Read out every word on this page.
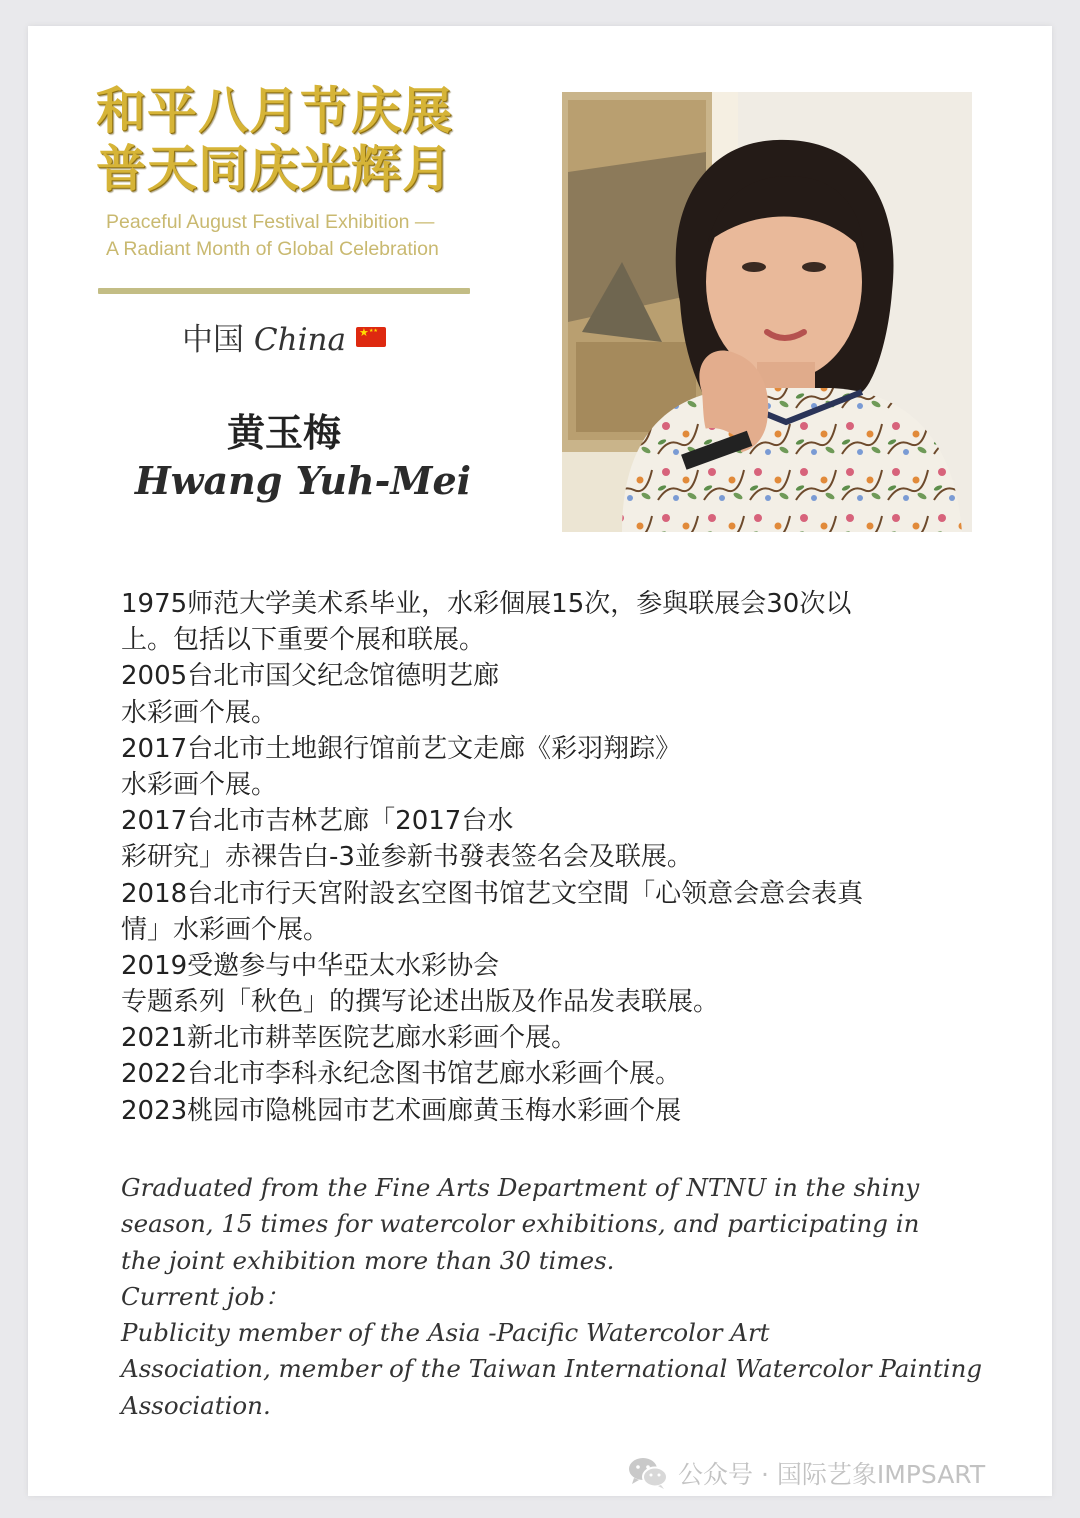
和平八月节庆展
普天同庆光辉月
Peaceful August Festival Exhibition —
A Radiant Month of Global Celebration
中国 China★ ★★
黄玉梅
Hwang Yuh-Mei
1975师范大学美术系毕业，水彩個展15次，参與联展会30次以
上。包括以下重要个展和联展。
2005台北市国父纪念馆德明艺廊
水彩画个展。
2017台北市土地銀行馆前艺文走廊《彩羽翔踪》
水彩画个展。
2017台北市吉林艺廊「2017台水
彩研究」赤裸告白-3並参新书發表签名会及联展。
2018台北市行天宮附設玄空图书馆艺文空間「心领意会意会表真
情」水彩画个展。
2019受邀参与中华亞太水彩协会
专题系列「秋色」的撰写论述出版及作品发表联展。
2021新北市耕莘医院艺廊水彩画个展。
2022台北市李科永纪念图书馆艺廊水彩画个展。
2023桃园市隐桃园市艺术画廊黄玉梅水彩画个展
Graduated from the Fine Arts Department of NTNU in the shiny
season, 15 times for watercolor exhibitions, and participating in
the joint exhibition more than 30 times.
Current job：
Publicity member of the Asia -Pacific Watercolor Art
Association, member of the Taiwan International Watercolor Painting
Association.
公众号 · 国际艺象IMPSART
